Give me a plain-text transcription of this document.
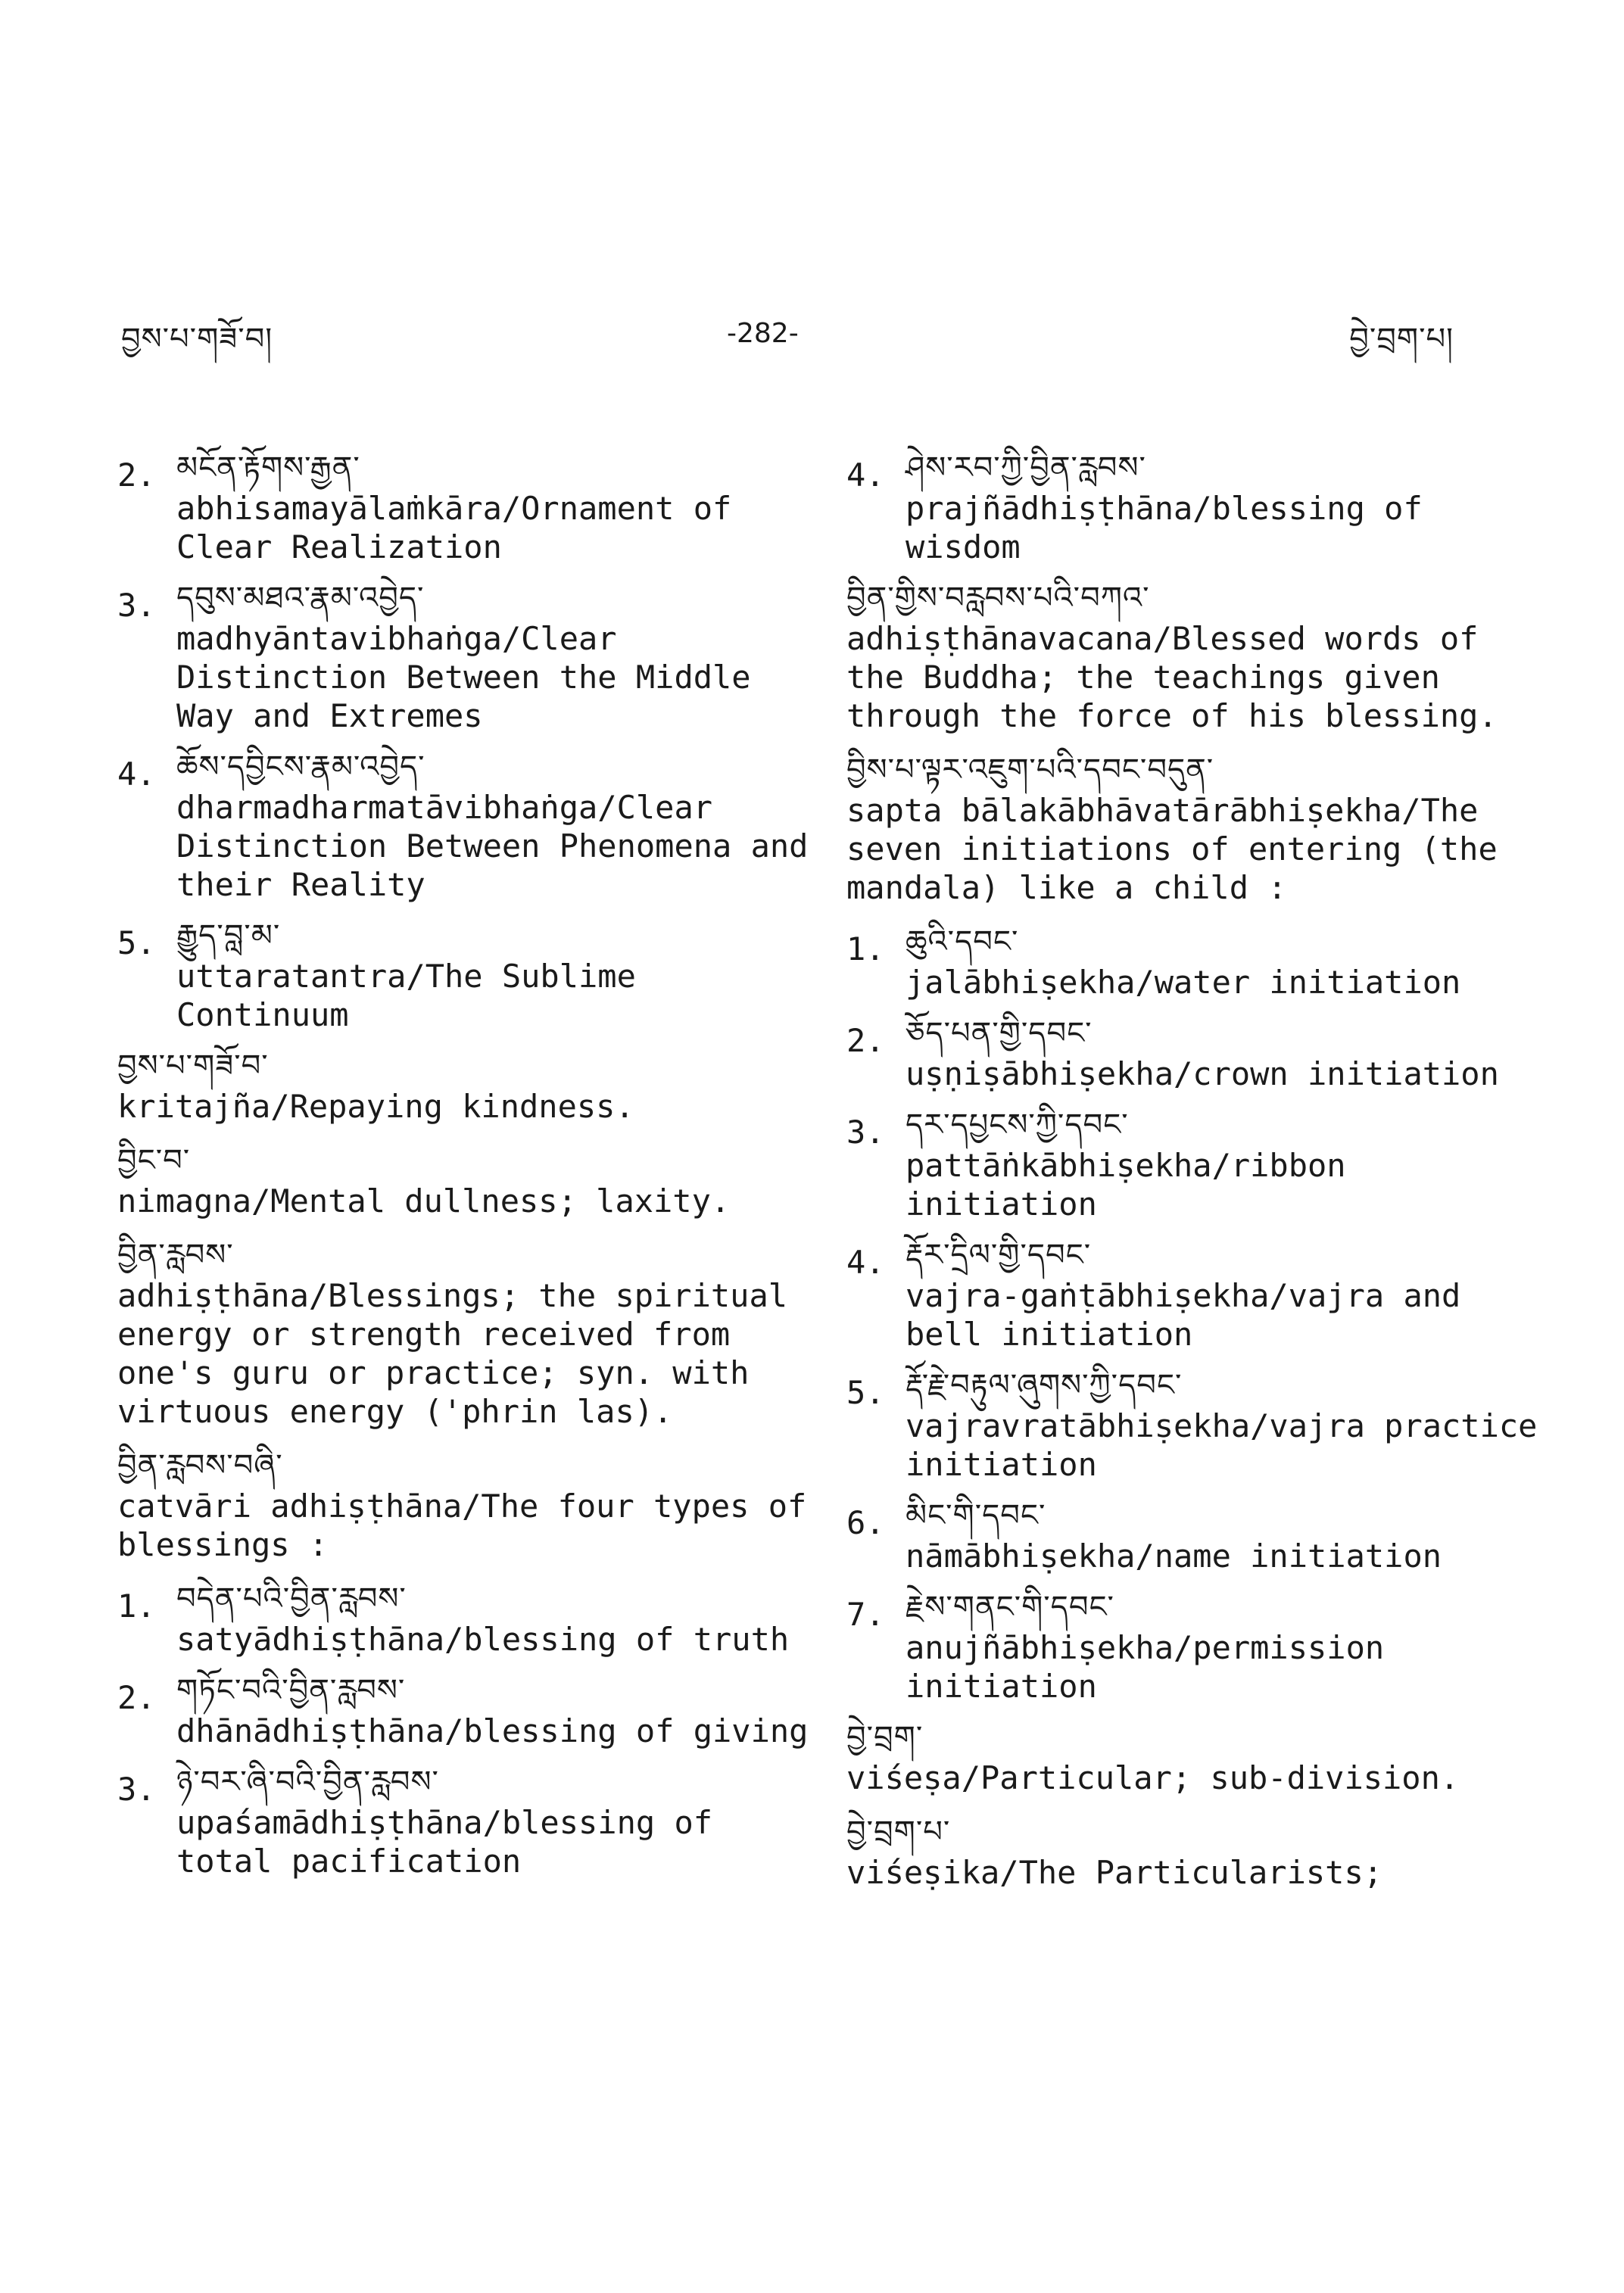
བྱས་པ་གཟོ་བ།	-282-	བྱེ་བྲག་པ།
2. མངོན་རྟོགས་རྒྱན་
abhisamayālaṁkāra/Ornament of Clear Realization
3. དབུས་མཐའ་རྣམ་འབྱེད་
madhyāntavibhaṅga/Clear Distinction Between the Middle Way and Extremes
4. ཆོས་དབྱིངས་རྣམ་འབྱེད་
dharmadharmatāvibhaṅga/Clear Distinction Between Phenomena and their Reality
5. རྒྱུད་བླ་མ་
uttaratantra/The Sublime Continuum
བྱས་པ་གཟོ་བ་
kritajña/Repaying kindness.
བྱིང་བ་
nimagna/Mental dullness; laxity.
བྱིན་རླབས་
adhiṣṭhāna/Blessings; the spiritual energy or strength received from one's guru or practice; syn. with virtuous energy ('phrin las).
བྱིན་རླབས་བཞི་
catvāri adhiṣṭhāna/The four types of blessings :
1. བདེན་པའི་བྱིན་རླབས་
satyādhiṣṭhāna/blessing of truth
2. གཏོང་བའི་བྱིན་རླབས་
dhānādhiṣṭhāna/blessing of giving
3. ཉེ་བར་ཞི་བའི་བྱིན་རླབས་
upaśamādhiṣṭhāna/blessing of total pacification
4. ཤེས་རབ་ཀྱི་བྱིན་རླབས་
prajñādhiṣṭhāna/blessing of wisdom
བྱིན་གྱིས་བརླབས་པའི་བཀའ་
adhiṣṭhānavacana/Blessed words of the Buddha; the teachings given through the force of his blessing.
བྱིས་པ་ལྟར་འཇུག་པའི་དབང་བདུན་
sapta bālakābhāvatārābhiṣekha/The seven initiations of entering (the mandala) like a child :
1. ཆུའི་དབང་
jalābhiṣekha/water initiation
2. ཅོད་པན་གྱི་དབང་
uṣṇiṣābhiṣekha/crown initiation
3. དར་དཔྱངས་ཀྱི་དབང་
pattāṅkābhiṣekha/ribbon initiation
4. རྡོར་དྲིལ་གྱི་དབང་
vajra-gaṅṭābhiṣekha/vajra and bell initiation
5. རྡོ་རྗེ་བརྟུལ་ཞུགས་ཀྱི་དབང་
vajravratābhiṣekha/vajra practice initiation
6. མིང་གི་དབང་
nāmābhiṣekha/name initiation
7. རྗེས་གནང་གི་དབང་
anujñābhiṣekha/permission initiation
བྱེ་བྲག་
viśeṣa/Particular; sub-division.
བྱེ་བྲག་པ་
viśeṣika/The Particularists;
